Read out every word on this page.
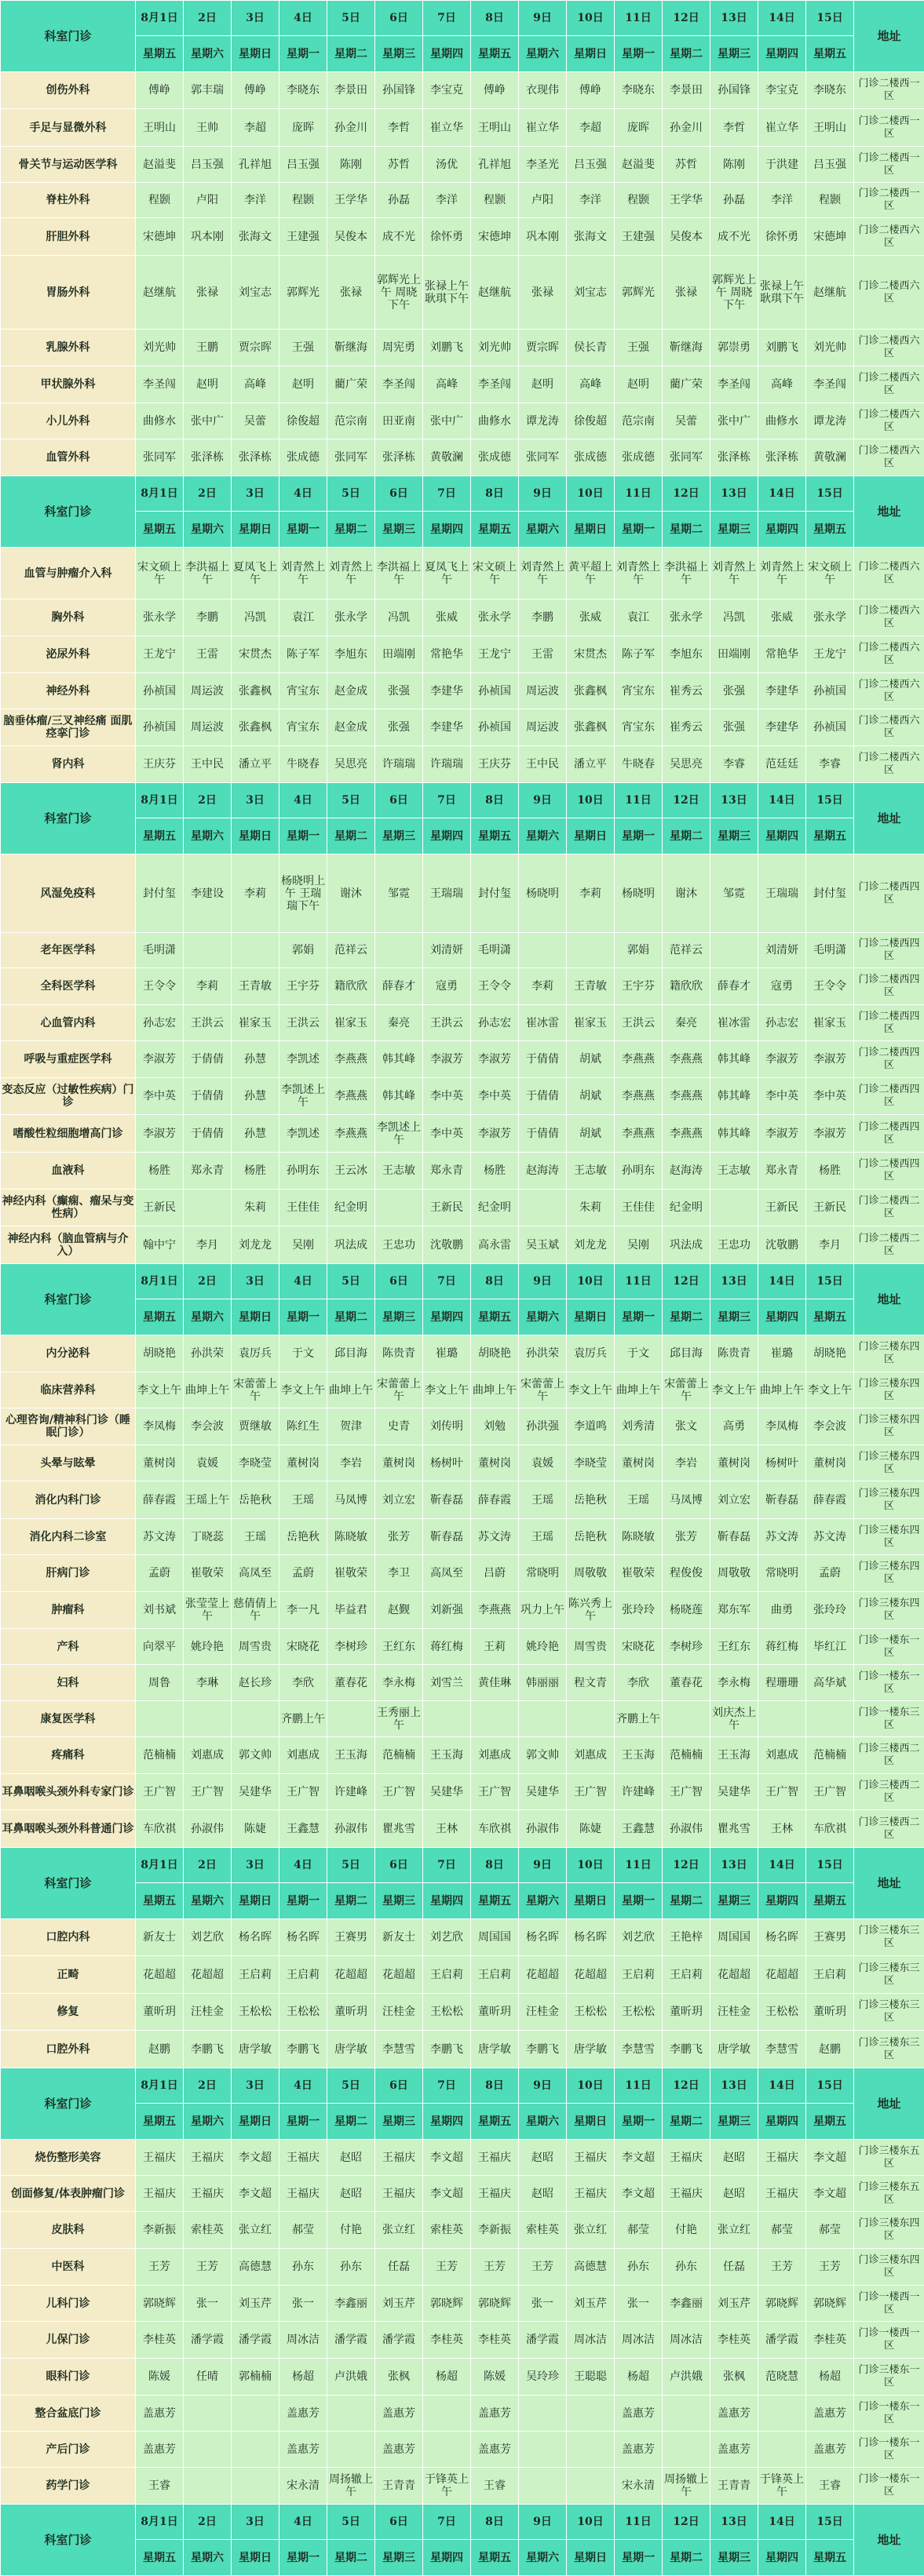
科室门诊	8月1日	2日	3日	4日	5日	6日	7日	8日	9日	10日	11日	12日	13日	14日	15日	地址
	星期五	星期六	星期日	星期一	星期二	星期三	星期四	星期五	星期六	星期日	星期一	星期二	星期三	星期四	星期五	
创伤外科	傅峥	郭丰瑞	傅峥	李晓东	李景田	孙国锋	李宝克	傅峥	衣现伟	傅峥	李晓东	李景田	孙国锋	李宝克	李晓东	门诊二楼西一区
手足与显微外科	王明山	王帅	李超	庞晖	孙金川	李哲	崔立华	王明山	崔立华	李超	庞晖	孙金川	李哲	崔立华	王明山	门诊二楼西一区
骨关节与运动医学科	赵溢斐	吕玉强	孔祥旭	吕玉强	陈刚	苏哲	汤优	孔祥旭	李圣光	吕玉强	赵溢斐	苏哲	陈刚	于洪建	吕玉强	门诊二楼西一区
脊柱外科	程颢	卢阳	李洋	程颢	王学华	孙磊	李洋	程颢	卢阳	李洋	程颢	王学华	孙磊	李洋	程颢	门诊二楼西一区
肝胆外科	宋德坤	巩本刚	张海文	王建强	吴俊本	成不光	徐怀勇	宋德坤	巩本刚	张海文	王建强	吴俊本	成不光	徐怀勇	宋德坤	门诊二楼西六区
胃肠外科	赵继航	张禄	刘宝志	郭辉光	张禄	郭辉光上午 周晓下午	张禄上午 耿琪下午	赵继航	张禄	刘宝志	郭辉光	张禄	郭辉光上午 周晓下午	张禄上午 耿琪下午	赵继航	门诊二楼西六区
乳腺外科	刘光帅	王鹏	贾宗晖	王强	靳继海	周宪勇	刘鹏飞	刘光帅	贾宗晖	侯长青	王强	靳继海	郭崇勇	刘鹏飞	刘光帅	门诊二楼西六区
甲状腺外科	李圣闯	赵明	高峰	赵明	藺广荣	李圣闯	高峰	李圣闯	赵明	高峰	赵明	藺广荣	李圣闯	高峰	李圣闯	门诊二楼西六区
小儿外科	曲修水	张中广	吴蕾	徐俊超	范宗南	田亚南	张中广	曲修水	谭龙涛	徐俊超	范宗南	吴蕾	张中广	曲修水	谭龙涛	门诊二楼西六区
血管外科	张同军	张泽栋	张泽栋	张成德	张同军	张泽栋	黄敬澜	张成德	张同军	张成德	张成德	张同军	张泽栋	张泽栋	黄敬澜	门诊二楼西六区
科室门诊	8月1日	2日	3日	4日	5日	6日	7日	8日	9日	10日	11日	12日	13日	14日	15日	地址
	星期五	星期六	星期日	星期一	星期二	星期三	星期四	星期五	星期六	星期日	星期一	星期二	星期三	星期四	星期五	
血管与肿瘤介入科	宋文硕上午	李洪福上午	夏凤飞上午	刘青然上午	刘青然上午	李洪福上午	夏凤飞上午	宋文硕上午	刘青然上午	黄平超上午	刘青然上午	李洪福上午	刘青然上午	刘青然上午	宋文硕上午	门诊二楼西六区
胸外科	张永学	李鹏	冯凯	袁江	张永学	冯凯	张威	张永学	李鹏	张威	袁江	张永学	冯凯	张威	张永学	门诊二楼西六区
泌尿外科	王龙宁	王雷	宋贯杰	陈子军	李旭东	田端刚	常艳华	王龙宁	王雷	宋贯杰	陈子军	李旭东	田端刚	常艳华	王龙宁	门诊二楼西六区
神经外科	孙祯国	周运波	张鑫枫	宵宝东	赵金成	张强	李建华	孙祯国	周运波	张鑫枫	宵宝东	崔秀云	张强	李建华	孙祯国	门诊二楼西六区
脑垂体瘤/三叉神经痛 面肌痉挛门诊	孙祯国	周运波	张鑫枫	宵宝东	赵金成	张强	李建华	孙祯国	周运波	张鑫枫	宵宝东	崔秀云	张强	李建华	孙祯国	门诊二楼西六区
肾内科	王庆芬	王中民	潘立平	牛晓春	吴思亮	许瑞瑞	许瑞瑞	王庆芬	王中民	潘立平	牛晓春	吴思亮	李睿	范廷廷	李睿	门诊二楼西六区
科室门诊	8月1日	2日	3日	4日	5日	6日	7日	8日	9日	10日	11日	12日	13日	14日	15日	地址
	星期五	星期六	星期日	星期一	星期二	星期三	星期四	星期五	星期六	星期日	星期一	星期二	星期三	星期四	星期五	
风湿免疫科	封付玺	李建设	李莉	杨晓明上午 王瑞瑞下午	谢沐	邹霓	王瑞瑞	封付玺	杨晓明	李莉	杨晓明	谢沐	邹霓	王瑞瑞	封付玺	门诊二楼西四区
老年医学科	毛明潇			郭娟	范祥云		刘清妍	毛明潇			郭娟	范祥云		刘清妍	毛明潇	门诊二楼西四区
全科医学科	王令令	李莉	王青敏	王宇芬	籍欣欣	薛春才	寇勇	王令令	李莉	王青敏	王宇芬	籍欣欣	薛春才	寇勇	王令令	门诊二楼西四区
心血管内科	孙志宏	王洪云	崔家玉	王洪云	崔家玉	秦亮	王洪云	孙志宏	崔冰雷	崔家玉	王洪云	秦亮	崔冰雷	孙志宏	崔家玉	门诊二楼西四区
呼吸与重症医学科	李淑芳	于倩倩	孙慧	李凯述	李燕燕	韩其峰	李淑芳	李淑芳	于倩倩	胡斌	李燕燕	李燕燕	韩其峰	李淑芳	李淑芳	门诊二楼西四区
变态反应（过敏性疾病）门诊	李中英	于倩倩	孙慧	李凯述上午	李燕燕	韩其峰	李中英	李中英	于倩倩	胡斌	李燕燕	李燕燕	韩其峰	李中英	李中英	门诊二楼西四区
嗜酸性粒细胞增高门诊	李淑芳	于倩倩	孙慧	李凯述	李燕燕	李凯述上午	李中英	李淑芳	于倩倩	胡斌	李燕燕	李燕燕	韩其峰	李淑芳	李淑芳	门诊二楼西四区
血液科	杨胜	郑永青	杨胜	孙明东	王云冰	王志敏	郑永青	杨胜	赵海涛	王志敏	孙明东	赵海涛	王志敏	郑永青	杨胜	门诊二楼西四区
神经内科（癫痫、瘤呆与变性病）	王新民		朱莉	王佳佳	纪金明		王新民	纪金明		朱莉	王佳佳	纪金明		王新民	王新民	门诊二楼西二区
神经内科（脑血管病与介入）	翰中宁	李月	刘龙龙	吴刚	巩法成	王忠功	沈敬鹏	高永雷	吴玉斌	刘龙龙	吴刚	巩法成	王忠功	沈敬鹏	李月	门诊二楼西二区
科室门诊	8月1日	2日	3日	4日	5日	6日	7日	8日	9日	10日	11日	12日	13日	14日	15日	地址
	星期五	星期六	星期日	星期一	星期二	星期三	星期四	星期五	星期六	星期日	星期一	星期二	星期三	星期四	星期五	
内分泌科	胡晓艳	孙洪荣	袁厉兵	于文	邱目海	陈贵青	崔璐	胡晓艳	孙洪荣	袁厉兵	于文	邱目海	陈贵青	崔璐	胡晓艳	门诊三楼东四区
临床营养科	李文上午	曲坤上午	宋蕾蕾上午	李文上午	曲坤上午	宋蕾蕾上午	李文上午	曲坤上午	宋蕾蕾上午	李文上午	曲坤上午	宋蕾蕾上午	李文上午	曲坤上午	李文上午	门诊三楼东四区
心理咨询/精神科门诊（睡眠门诊）	李凤梅	李会波	贾继敏	陈红生	贺津	史青	刘传明	刘勉	孙洪强	李道鸣	刘秀清	张文	高勇	李凤梅	李会波	门诊三楼东四区
头晕与眩晕	董树岗	袁媛	李晓莹	董树岗	李岩	董树岗	杨树叶	董树岗	袁媛	李晓莹	董树岗	李岩	董树岗	杨树叶	董树岗	门诊三楼东四区
消化内科门诊	薛春霞	王瑶上午	岳艳秋	王瑶	马凤博	刘立宏	靳春磊	薛春霞	王瑶	岳艳秋	王瑶	马凤博	刘立宏	靳春磊	薛春霞	门诊三楼东四区
消化内科二诊室	苏文涛	丁晓蕊	王瑶	岳艳秋	陈晓敏	张芳	靳春磊	苏文涛	王瑶	岳艳秋	陈晓敏	张芳	靳春磊	苏文涛	苏文涛	门诊三楼东四区
肝病门诊	孟蔚	崔敬荣	高凤至	孟蔚	崔敬荣	李卫	高凤至	吕蔚	常晓明	周敬敬	崔敬荣	程俊俊	周敬敬	常晓明	孟蔚	门诊三楼东四区
肿瘤科	刘书斌	张莹莹上午	慈倩倩上午	李一凡	毕益君	赵觐	刘新强	李燕燕	巩力上午	陈兴秀上午	张玲玲	杨晓莲	郑东军	曲勇	张玲玲	门诊三楼东四区
产科	向翠平	姚玲艳	周雪贵	宋晓花	李树珍	王红东	蒋红梅	王莉	姚玲艳	周雪贵	宋晓花	李树珍	王红东	蒋红梅	毕红江	门诊一楼东一区
妇科	周鲁	李琳	赵长珍	李欣	董春花	李永梅	刘雪兰	黄佳琳	韩丽丽	程文青	李欣	董春花	李永梅	程珊珊	高华斌	门诊一楼东一区
康复医学科				齐鹏上午		王秀丽上午					齐鹏上午		刘庆杰上午			门诊一楼东三区
疼痛科	范楠楠	刘惠成	郭文帅	刘惠成	王玉海	范楠楠	王玉海	刘惠成	郭文帅	刘惠成	王玉海	范楠楠	王玉海	刘惠成	范楠楠	门诊三楼西二区
耳鼻咽喉头颈外科专家门诊	王广智	王广智	吴建华	王广智	许建峰	王广智	吴建华	王广智	吴建华	王广智	许建峰	王广智	吴建华	王广智	王广智	门诊三楼西二区
耳鼻咽喉头颈外科普通门诊	车欣祺	孙淑伟	陈婕	王鑫慧	孙淑伟	瞿兆雪	王林	车欣祺	孙淑伟	陈婕	王鑫慧	孙淑伟	瞿兆雪	王林	车欣祺	门诊三楼西二区
科室门诊	8月1日	2日	3日	4日	5日	6日	7日	8日	9日	10日	11日	12日	13日	14日	15日	地址
	星期五	星期六	星期日	星期一	星期二	星期三	星期四	星期五	星期六	星期日	星期一	星期二	星期三	星期四	星期五	
口腔内科	新友士	刘艺欣	杨名晖	杨名晖	王赛男	新友士	刘艺欣	周国国	杨名晖	杨名晖	刘艺欣	王艳梓	周国国	杨名晖	王赛男	门诊三楼东三区
正畸	花超超	花超超	王启莉	王启莉	花超超	花超超	王启莉	王启莉	花超超	花超超	王启莉	王启莉	花超超	花超超	王启莉	门诊三楼东三区
修复	董昕玥	汪桂金	王松松	王松松	董昕玥	汪桂金	王松松	董昕玥	汪桂金	王松松	王松松	董昕玥	汪桂金	王松松	董昕玥	门诊三楼东三区
口腔外科	赵鹏	李鹏飞	唐学敏	李鹏飞	唐学敏	李慧雪	李鹏飞	唐学敏	李鹏飞	唐学敏	李慧雪	李鹏飞	唐学敏	李慧雪	赵鹏	门诊三楼东三区
科室门诊	8月1日	2日	3日	4日	5日	6日	7日	8日	9日	10日	11日	12日	13日	14日	15日	地址
	星期五	星期六	星期日	星期一	星期二	星期三	星期四	星期五	星期六	星期日	星期一	星期二	星期三	星期四	星期五	
烧伤整形美容	王福庆	王福庆	李文超	王福庆	赵昭	王福庆	李文超	王福庆	赵昭	王福庆	李文超	王福庆	赵昭	王福庆	李文超	门诊三楼东五区
创面修复/体表肿瘤门诊	王福庆	王福庆	李文超	王福庆	赵昭	王福庆	李文超	王福庆	赵昭	王福庆	李文超	王福庆	赵昭	王福庆	李文超	门诊三楼东五区
皮肤科	李新振	索桂英	张立红	郝莹	付艳	张立红	索桂英	李新振	索桂英	张立红	郝莹	付艳	张立红	郝莹	郝莹	门诊三楼东四区
中医科	王芳	王芳	高德慧	孙东	孙东	任磊	王芳	王芳	王芳	高德慧	孙东	孙东	任磊	王芳	王芳	门诊三楼东四区
儿科门诊	郭晓辉	张一	刘玉芹	张一	李鑫丽	刘玉芹	郭晓辉	郭晓辉	张一	刘玉芹	张一	李鑫丽	刘玉芹	郭晓辉	郭晓辉	门诊一楼西一区
儿保门诊	李桂英	潘学霞	潘学霞	周冰洁	潘学霞	潘学霞	李桂英	李桂英	潘学霞	周冰洁	周冰洁	周冰洁	李桂英	潘学霞	李桂英	门诊一楼西一区
眼科门诊	陈媛	任晴	郭楠楠	杨超	卢洪娥	张枫	杨超	陈媛	吴玲珍	王聪聪	杨超	卢洪娥	张枫	范晓慧	杨超	门诊三楼东一区
整合盆底门诊	盖惠芳			盖惠芳		盖惠芳		盖惠芳			盖惠芳		盖惠芳		盖惠芳	门诊一楼东一区
产后门诊	盖惠芳			盖惠芳		盖惠芳		盖惠芳			盖惠芳		盖惠芳		盖惠芳	门诊一楼东一区
药学门诊	王睿			宋永清	周扬辙上午	王青青	于锋英上午	王睿			宋永清	周扬辙上午	王青青	于锋英上午	王睿	门诊一楼东一区
科室门诊	8月1日	2日	3日	4日	5日	6日	7日	8日	9日	10日	11日	12日	13日	14日	15日	地址
	星期五	星期六	星期日	星期一	星期二	星期三	星期四	星期五	星期六	星期日	星期一	星期二	星期三	星期四	星期五	
